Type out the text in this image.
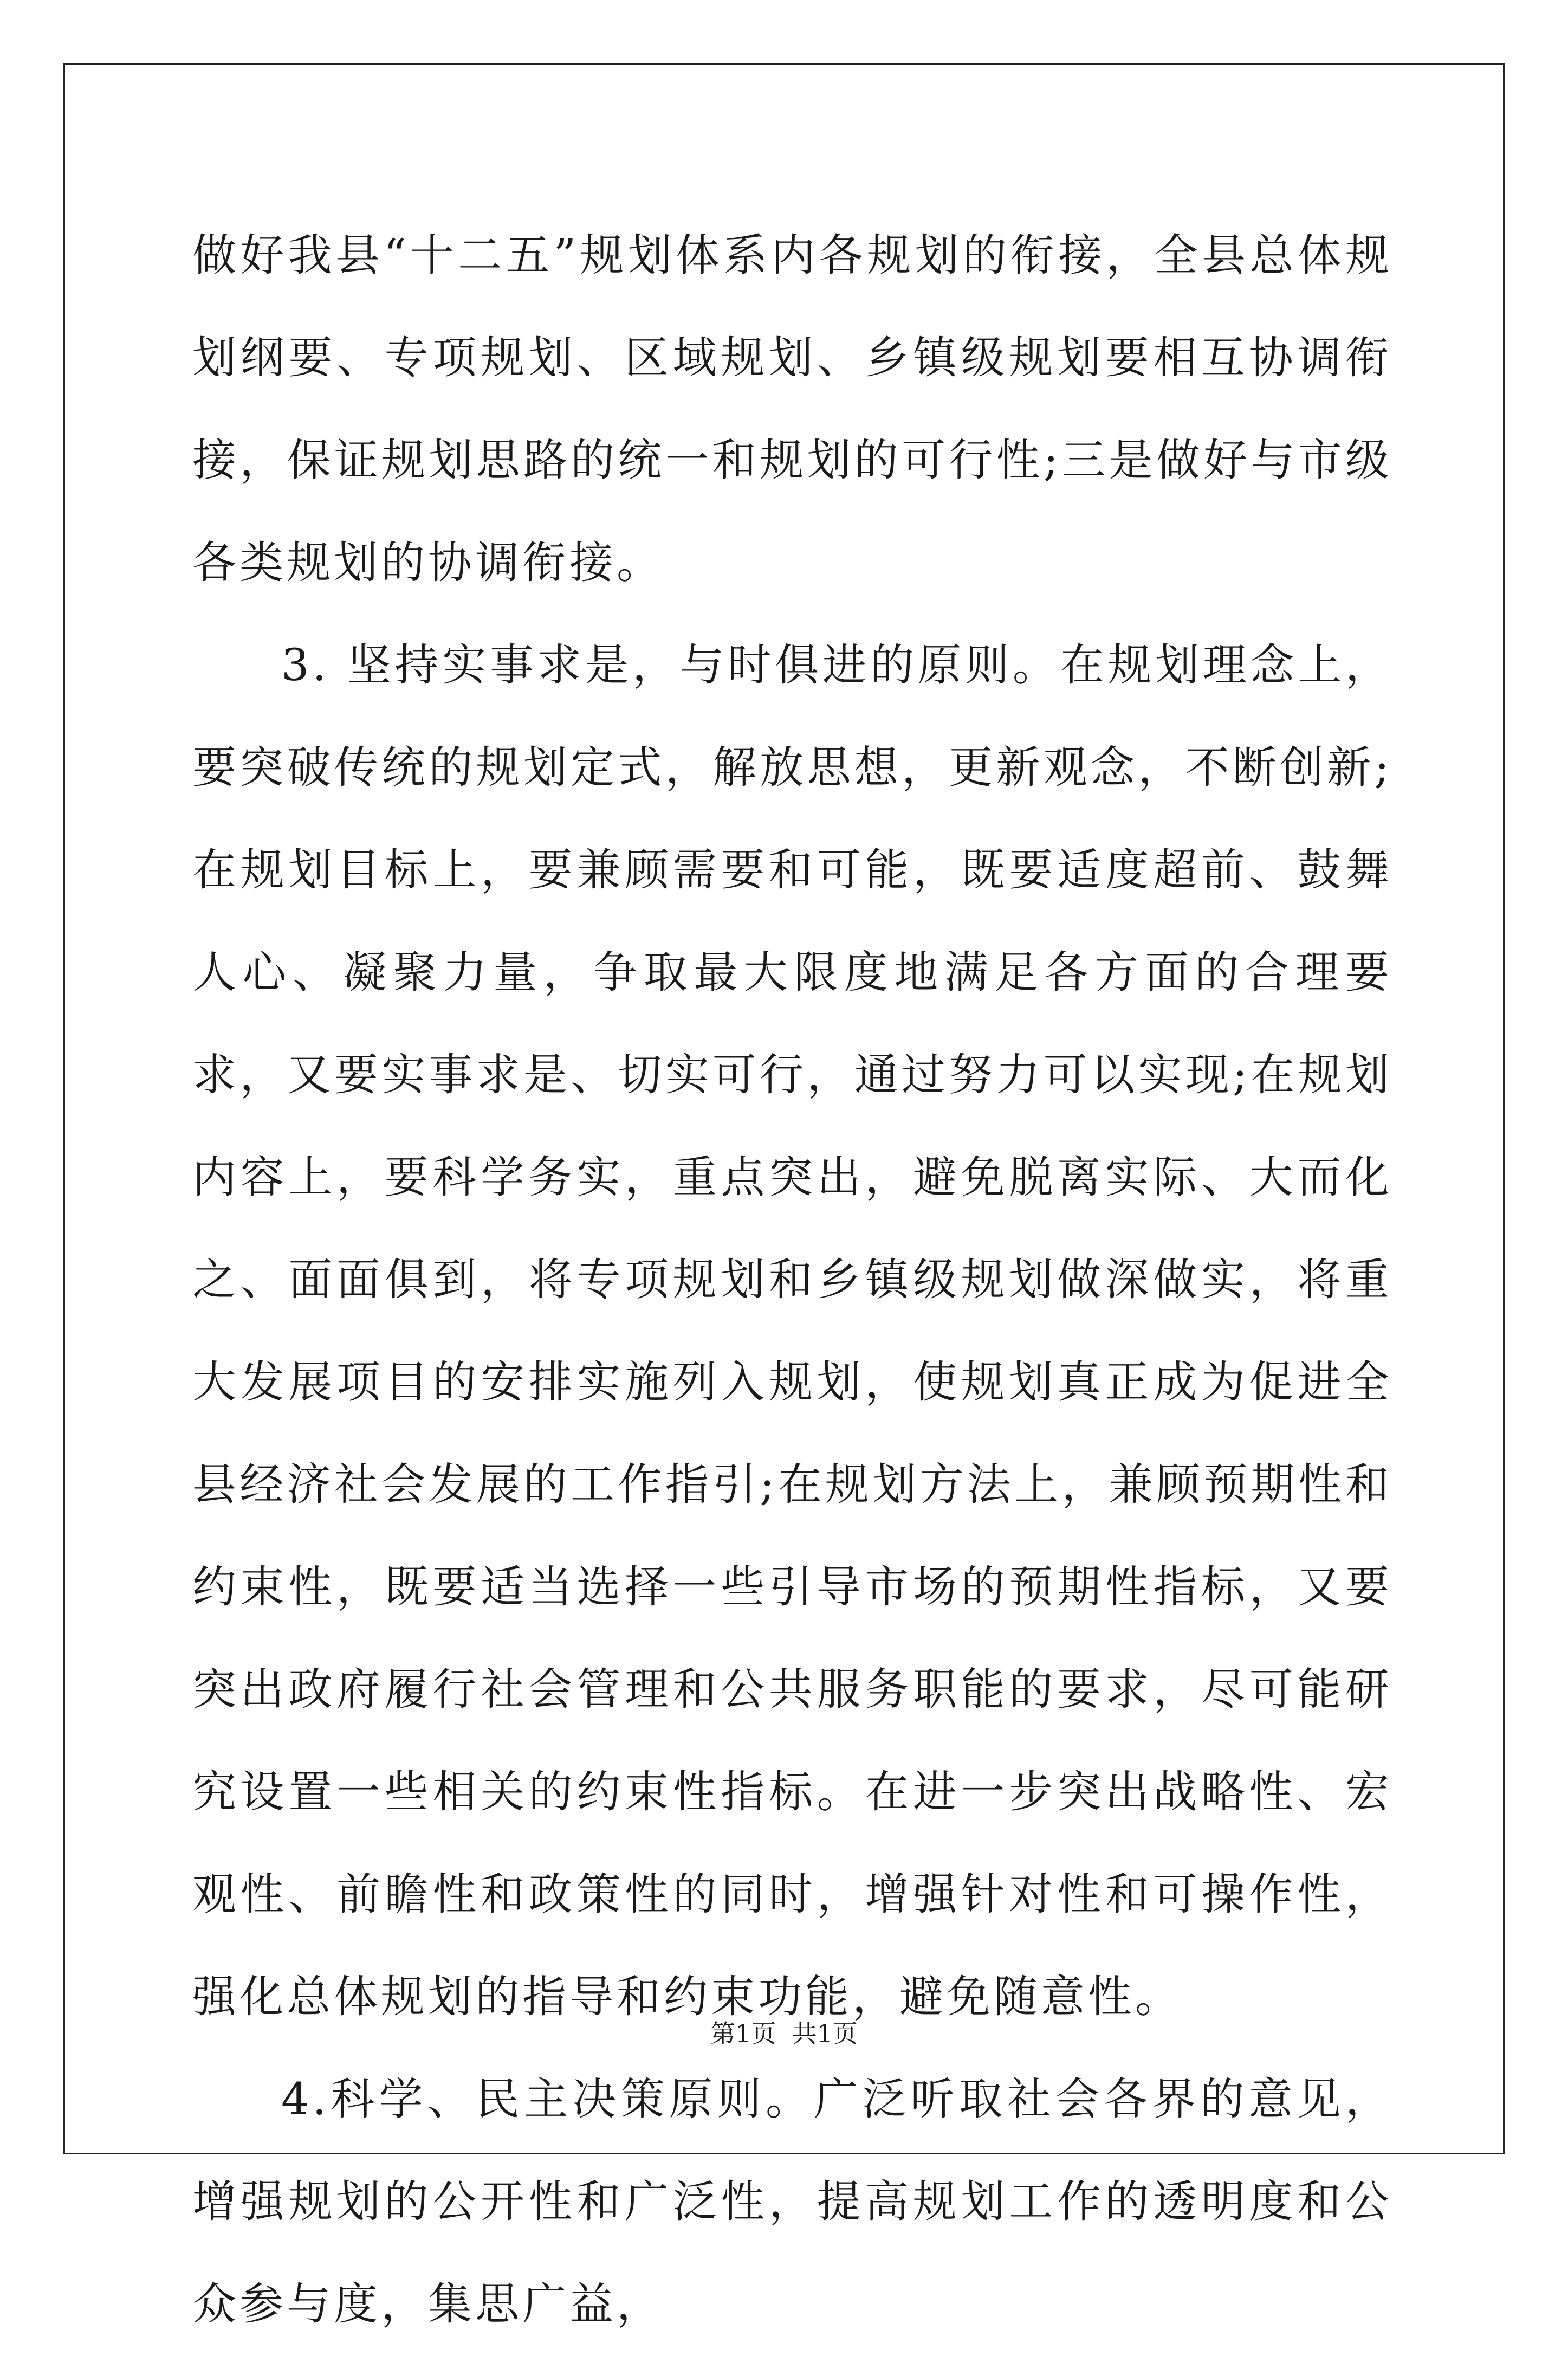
做好我县“十二五”规划体系内各规划的衔接，全县总体规划纲要、专项规划、区域规划、乡镇级规划要相互协调衔接，保证规划思路的统一和规划的可行性;三是做好与市级各类规划的协调衔接。

3. 坚持实事求是，与时俱进的原则。在规划理念上，要突破传统的规划定式，解放思想，更新观念，不断创新;在规划目标上，要兼顾需要和可能，既要适度超前、鼓舞人心、凝聚力量，争取最大限度地满足各方面的合理要求，又要实事求是、切实可行，通过努力可以实现;在规划内容上，要科学务实，重点突出，避免脱离实际、大而化之、面面俱到，将专项规划和乡镇级规划做深做实，将重大发展项目的安排实施列入规划，使规划真正成为促进全县经济社会发展的工作指引;在规划方法上，兼顾预期性和约束性，既要适当选择一些引导市场的预期性指标，又要突出政府履行社会管理和公共服务职能的要求，尽可能研究设置一些相关的约束性指标。在进一步突出战略性、宏观性、前瞻性和政策性的同时，增强针对性和可操作性，强化总体规划的指导和约束功能，避免随意性。

4.科学、民主决策原则。广泛听取社会各界的意见，增强规划的公开性和广泛性，提高规划工作的透明度和公众参与度，集思广益，

第1页  共1页
